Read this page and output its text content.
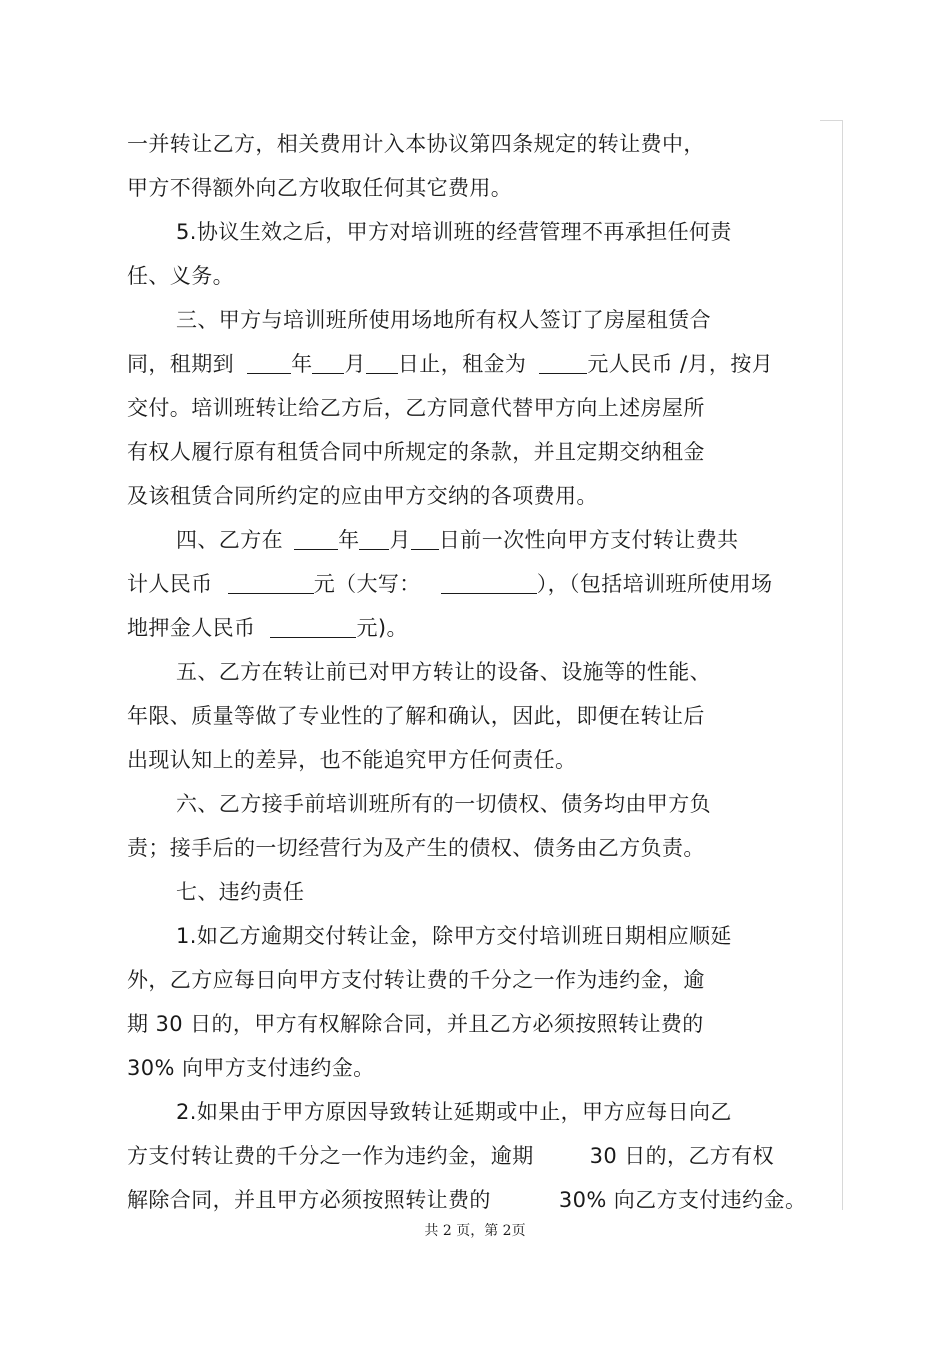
一并转让乙方，相关费用计入本协议第四条规定的转让费中，
甲方不得额外向乙方收取任何其它费用。
5.协议生效之后，甲方对培训班的经营管理不再承担任何责
任、义务。
三、甲方与培训班所使用场地所有权人签订了房屋租赁合
同，租期到 年 月 日止，租金为	元人民币 /月，按月
交付。培训班转让给乙方后，乙方同意代替甲方向上述房屋所
有权人履行原有租赁合同中所规定的条款，并且定期交纳租金
及该租赁合同所约定的应由甲方交纳的各项费用。
四、乙方在 年 月 日前一次性向甲方支付转让费共
计人民币	元（大写：	），（包括培训班所使用场
地押金人民币	元)。
五、乙方在转让前已对甲方转让的设备、设施等的性能、
年限、质量等做了专业性的了解和确认，因此，即便在转让后
出现认知上的差异，也不能追究甲方任何责任。
六、乙方接手前培训班所有的一切债权、债务均由甲方负
责；接手后的一切经营行为及产生的债权、债务由乙方负责。
七、违约责任
1.如乙方逾期交付转让金，除甲方交付培训班日期相应顺延
外，乙方应每日向甲方支付转让费的千分之一作为违约金，逾
期 30 日的，甲方有权解除合同，并且乙方必须按照转让费的
30% 向甲方支付违约金。
2.如果由于甲方原因导致转让延期或中止，甲方应每日向乙
方支付转让费的千分之一作为违约金，逾期	30 日的，乙方有权
解除合同，并且甲方必须按照转让费的	30% 向乙方支付违约金。
共 2 页，第 2页
